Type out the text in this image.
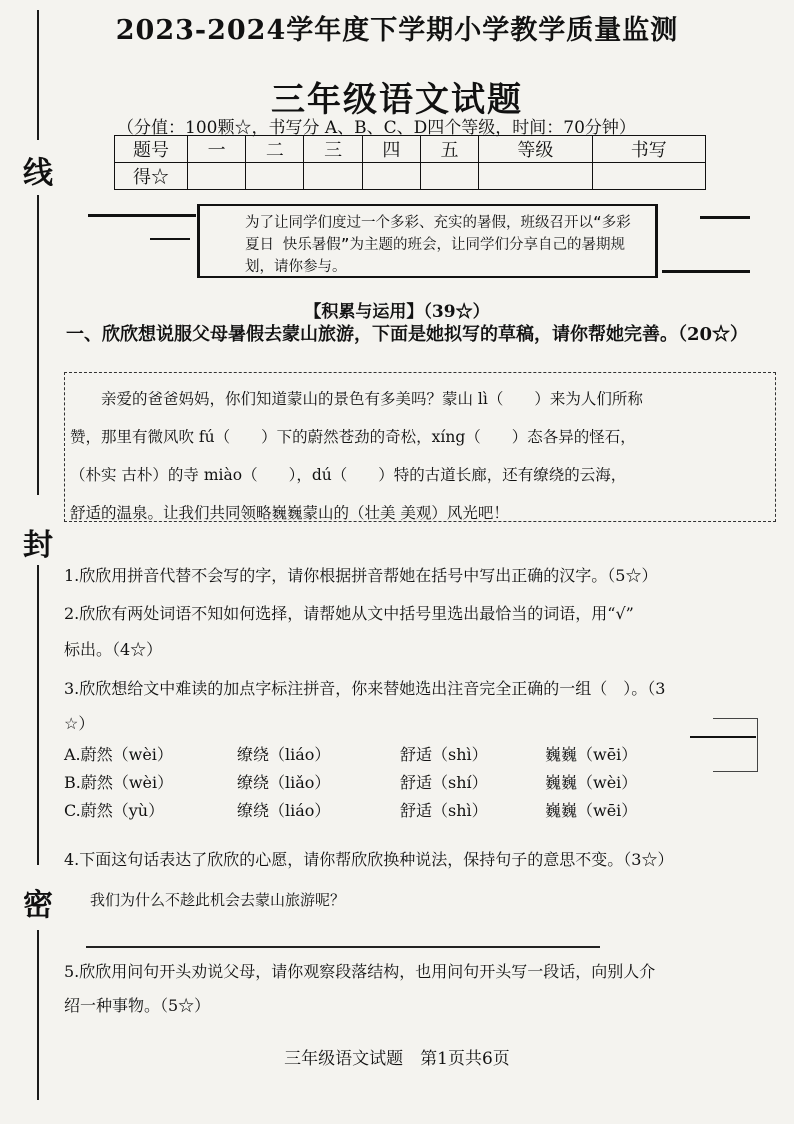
线
封
密
2023-2024学年度下学期小学教学质量监测
三年级语文试题
（分值：100颗☆，书写分 A、B、C、D四个等级，时间：70分钟）
题号	一	二	三	四	五	等级	书写
得☆							
为了让同学们度过一个多彩、充实的暑假，班级召开以“多彩夏日 快乐暑假”为主题的班会，让同学们分享自己的暑期规划，请你参与。
【积累与运用】（39☆）
一、欣欣想说服父母暑假去蒙山旅游，下面是她拟写的草稿，请你帮她完善。（20☆）

亲爱的爸爸妈妈，你们知道蒙山的景色有多美吗？蒙山 lì（　　）来为人们所称

赞，那里有微风吹 fú（　　）下的蔚然苍劲的奇松，xíng（　　）态各异的怪石，

（朴实 古朴）的寺 miào（　　），dú（　　）特的古道长廊，还有缭绕的云海，

舒适的温泉。让我们共同领略巍巍蒙山的（壮美 美观）风光吧！

1.欣欣用拼音代替不会写的字，请你根据拼音帮她在括号中写出正确的汉字。（5☆）
2.欣欣有两处词语不知如何选择，请帮她从文中括号里选出最恰当的词语，用“√”
标出。（4☆）
3.欣欣想给文中难读的加点字标注拼音，你来替她选出注音完全正确的一组（　）。（3
☆）
A.蔚然（wèi）	缭绕（liáo）	舒适（shì）	巍巍（wēi）
B.蔚然（wèi）	缭绕（liǎo）	舒适（shí）	巍巍（wèi）
C.蔚然（yù）	缭绕（liáo）	舒适（shì）	巍巍（wēi）
4.下面这句话表达了欣欣的心愿，请你帮欣欣换种说法，保持句子的意思不变。（3☆）
我们为什么不趁此机会去蒙山旅游呢？
5.欣欣用问句开头劝说父母，请你观察段落结构，也用问句开头写一段话，向别人介
绍一种事物。（5☆）
三年级语文试题　第1页共6页
